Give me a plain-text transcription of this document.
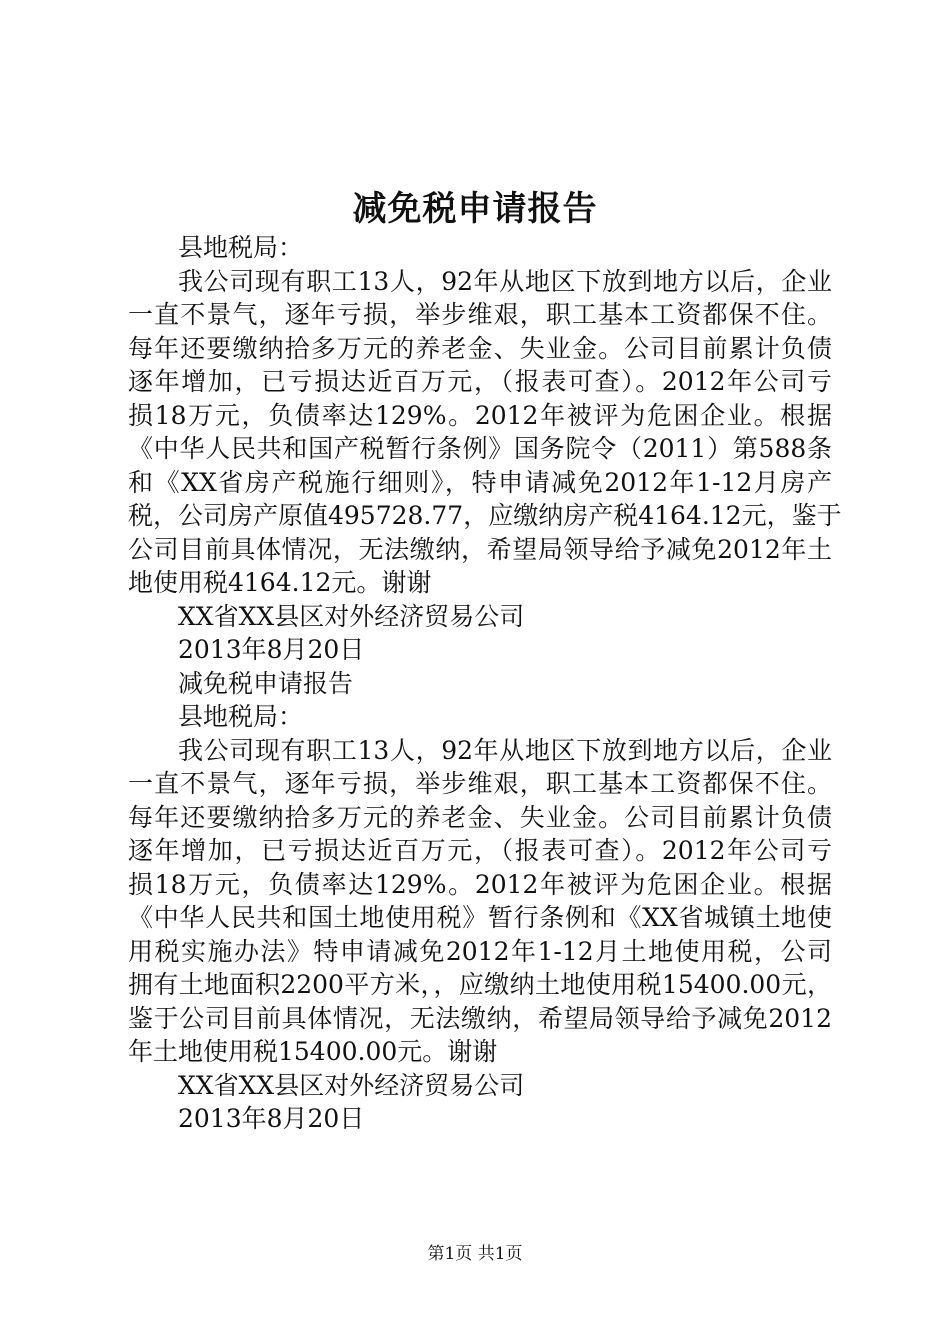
减免税申请报告
县地税局：
我公司现有职工13人，92年从地区下放到地方以后，企业
一直不景气，逐年亏损，举步维艰，职工基本工资都保不住。
每年还要缴纳拾多万元的养老金、失业金。公司目前累计负债
逐年增加，已亏损达近百万元，（报表可查）。2012年公司亏
损18万元，负债率达129%。2012年被评为危困企业。根据
《中华人民共和国产税暂行条例》国务院令（2011）第588条
和《XX省房产税施行细则》，特申请减免2012年1-12月房产
税，公司房产原值495728.77，应缴纳房产税4164.12元，鉴于
公司目前具体情况，无法缴纳，希望局领导给予减免2012年土
地使用税4164.12元。谢谢
XX省XX县区对外经济贸易公司
2013年8月20日
减免税申请报告
县地税局：
我公司现有职工13人，92年从地区下放到地方以后，企业
一直不景气，逐年亏损，举步维艰，职工基本工资都保不住。
每年还要缴纳拾多万元的养老金、失业金。公司目前累计负债
逐年增加，已亏损达近百万元，（报表可查）。2012年公司亏
损18万元，负债率达129%。2012年被评为危困企业。根据
《中华人民共和国土地使用税》暂行条例和《XX省城镇土地使
用税实施办法》特申请减免2012年1-12月土地使用税，公司
拥有土地面积2200平方米，，应缴纳土地使用税15400.00元，
鉴于公司目前具体情况，无法缴纳，希望局领导给予减免2012
年土地使用税15400.00元。谢谢
XX省XX县区对外经济贸易公司
2013年8月20日
第1页 共1页
